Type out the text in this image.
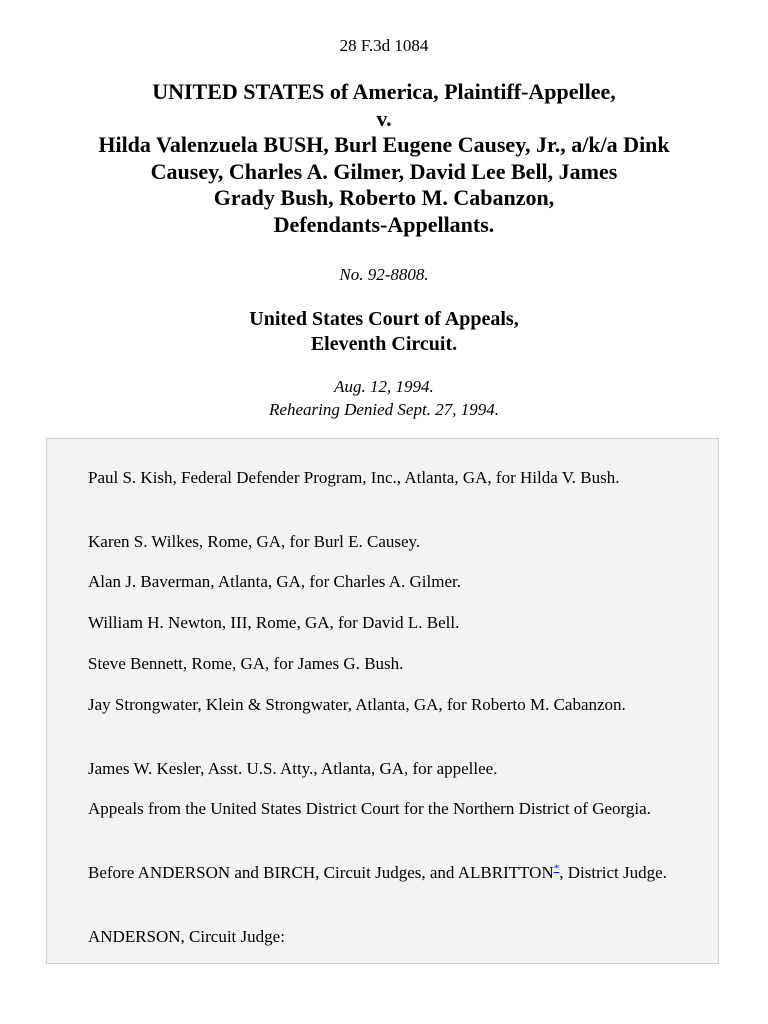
28 F.3d 1084
UNITED STATES of America, Plaintiff-Appellee,
v.
Hilda Valenzuela BUSH, Burl Eugene Causey, Jr., a/k/a Dink
Causey, Charles A. Gilmer, David Lee Bell, James
Grady Bush, Roberto M. Cabanzon,
Defendants-Appellants.
No. 92-8808.
United States Court of Appeals,
Eleventh Circuit.
Aug. 12, 1994.
Rehearing Denied Sept. 27, 1994.

Paul S. Kish, Federal Defender Program, Inc., Atlanta, GA, for Hilda V. Bush.

Karen S. Wilkes, Rome, GA, for Burl E. Causey.

Alan J. Baverman, Atlanta, GA, for Charles A. Gilmer.

William H. Newton, III, Rome, GA, for David L. Bell.

Steve Bennett, Rome, GA, for James G. Bush.

Jay Strongwater, Klein & Strongwater, Atlanta, GA, for Roberto M. Cabanzon.

James W. Kesler, Asst. U.S. Atty., Atlanta, GA, for appellee.

Appeals from the United States District Court for the Northern District of Georgia.

Before ANDERSON and BIRCH, Circuit Judges, and ALBRITTON*, District Judge.

ANDERSON, Circuit Judge:
